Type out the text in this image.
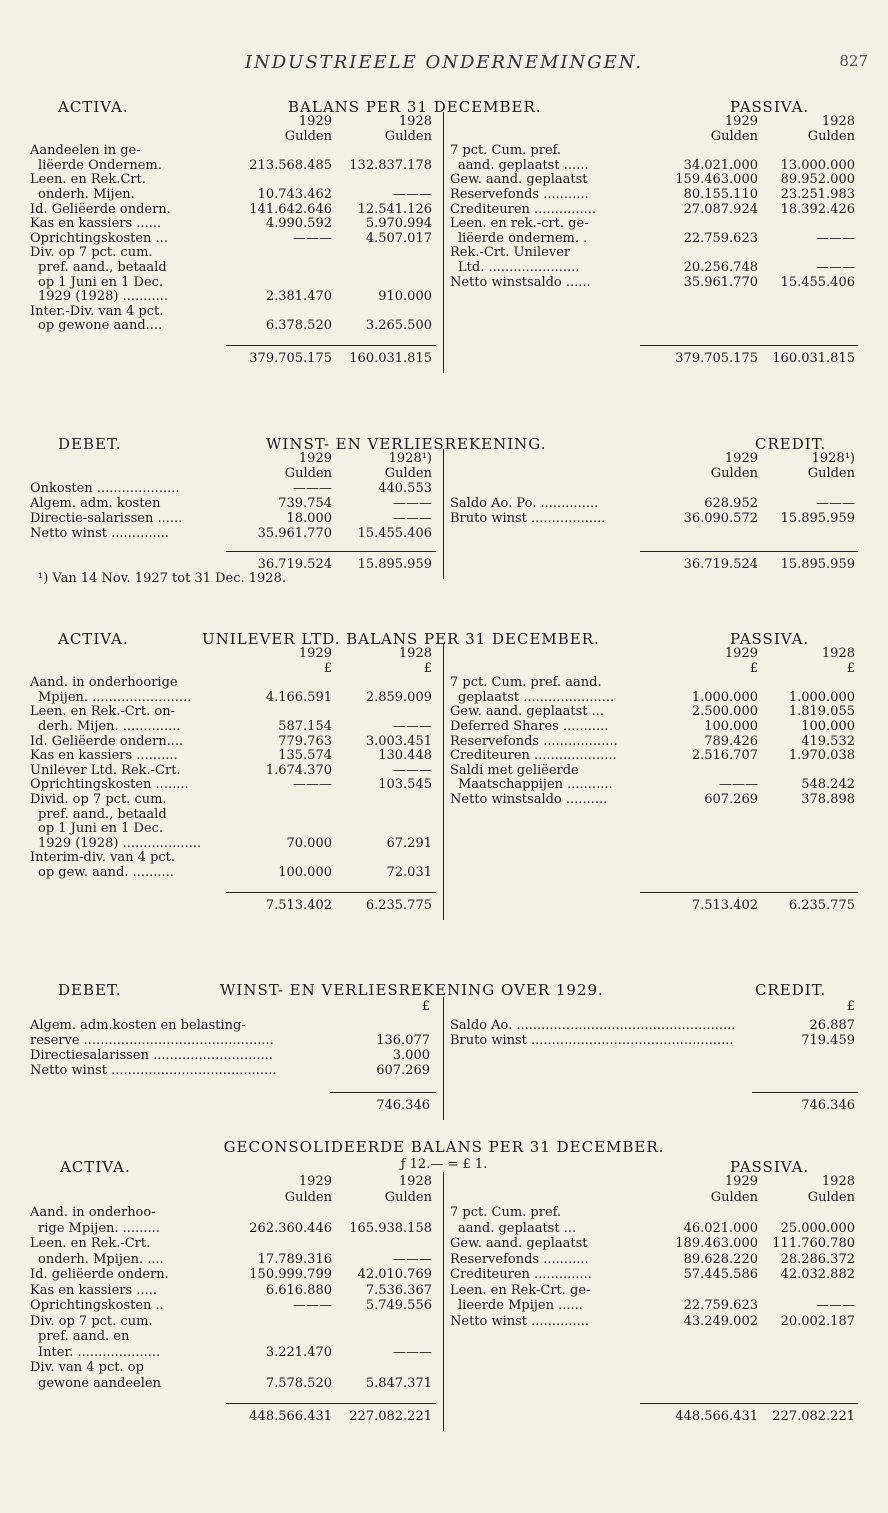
INDUSTRIEELE ONDERNEMINGEN.	827
ACTIVA.	BALANS PER 31 DECEMBER.	PASSIVA.
1929	1928	1929	1928
Gulden	Gulden	Gulden	Gulden
Aandeelen in ge-
liëerde Ondernem.	213.568.485	132.837.178
Leen. en Rek.Crt.
onderh. Mijen.	10.743.462	———
Id. Geliëerde ondern.	141.642.646	12.541.126
Kas en kassiers ......	4.990.592	5.970.994
Oprichtingskosten ...	———	4.507.017
Div. op 7 pct. cum.
pref. aand., betaald
op 1 Juni en 1 Dec.
1929 (1928) ...........	2.381.470	910.000
Inter.-Div. van 4 pct.
op gewone aand....	6.378.520	3.265.500
7 pct. Cum. pref.
aand. geplaatst ......	34.021.000	13.000.000
Gew. aand. geplaatst	159.463.000	89.952.000
Reservefonds ...........	80.155.110	23.251.983
Crediteuren ...............	27.087.924	18.392.426
Leen. en rek.-crt. ge-
liëerde ondernem. .	22.759.623	———
Rek.-Crt. Unilever
Ltd. ......................	20.256.748	———
Netto winstsaldo ......	35.961.770	15.455.406
379.705.175	160.031.815	379.705.175	160.031.815
DEBET.	WINST- EN VERLIESREKENING.	CREDIT.
1929	1928¹)	1929	1928¹)
Gulden	Gulden	Gulden	Gulden
Onkosten ....................	———	440.553
Algem. adm. kosten	739.754	———
Directie-salarissen ......	18.000	———
Netto winst ..............	35.961.770	15.455.406
Saldo Ao. Po. ..............	628.952	———
Bruto winst ..................	36.090.572	15.895.959
36.719.524	15.895.959	36.719.524	15.895.959
¹) Van 14 Nov. 1927 tot 31 Dec. 1928.
ACTIVA.	UNILEVER LTD. BALANS PER 31 DECEMBER.	PASSIVA.
1929	1928	1929	1928
£	£	£	£
Aand. in onderhoorige
Mpijen. ........................	4.166.591	2.859.009
Leen. en Rek.-Crt. on-
derh. Mijen. ..............	587.154	———
Id. Geliëerde ondern....	779.763	3.003.451
Kas en kassiers ..........	135.574	130.448
Unilever Ltd. Rek.-Crt.	1.674.370	———
Oprichtingskosten ........	———	103.545
Divid. op 7 pct. cum.
pref. aand., betaald
op 1 Juni en 1 Dec.
1929 (1928) ...................	70.000	67.291
Interim-div. van 4 pct.
op gew. aand. ..........	100.000	72.031
7 pct. Cum. pref. aand.
geplaatst ......................	1.000.000	1.000.000
Gew. aand. geplaatst ...	2.500.000	1.819.055
Deferred Shares ...........	100.000	100.000
Reservefonds ..................	789.426	419.532
Crediteuren ....................	2.516.707	1.970.038
Saldi met geliëerde
Maatschappijen ...........	———	548.242
Netto winstsaldo ..........	607.269	378.898
7.513.402	6.235.775	7.513.402	6.235.775
DEBET.	WINST- EN VERLIESREKENING OVER 1929.	CREDIT.
£	£
Algem. adm.kosten en belasting-
reserve ..............................................	136.077
Directiesalarissen .............................	3.000
Netto winst ........................................	607.269
Saldo Ao. .....................................................	26.887
Bruto winst .................................................	719.459
746.346	746.346
GECONSOLIDEERDE BALANS PER 31 DECEMBER.
ƒ 12.— = £ 1.
ACTIVA.	PASSIVA.
1929	1928	1929	1928
Gulden	Gulden	Gulden	Gulden
Aand. in onderhoo-
rige Mpijen. .........	262.360.446	165.938.158
Leen. en Rek.-Crt.
onderh. Mpijen. ....	17.789.316	———
Id. geliëerde ondern.	150.999.799	42.010.769
Kas en kassiers .....	6.616.880	7.536.367
Oprichtingskosten ..	———	5.749.556
Div. op 7 pct. cum.
pref. aand. en
Inter. ....................	3.221.470	———
Div. van 4 pct. op
gewone aandeelen	7.578.520	5.847.371
7 pct. Cum. pref.
aand. geplaatst ...	46.021.000	25.000.000
Gew. aand. geplaatst	189.463.000	111.760.780
Reservefonds ...........	89.628.220	28.286.372
Crediteuren ..............	57.445.586	42.032.882
Leen. en Rek-Crt. ge-
lieerde Mpijen ......	22.759.623	———
Netto winst ..............	43.249.002	20.002.187
448.566.431	227.082.221	448.566.431	227.082.221
